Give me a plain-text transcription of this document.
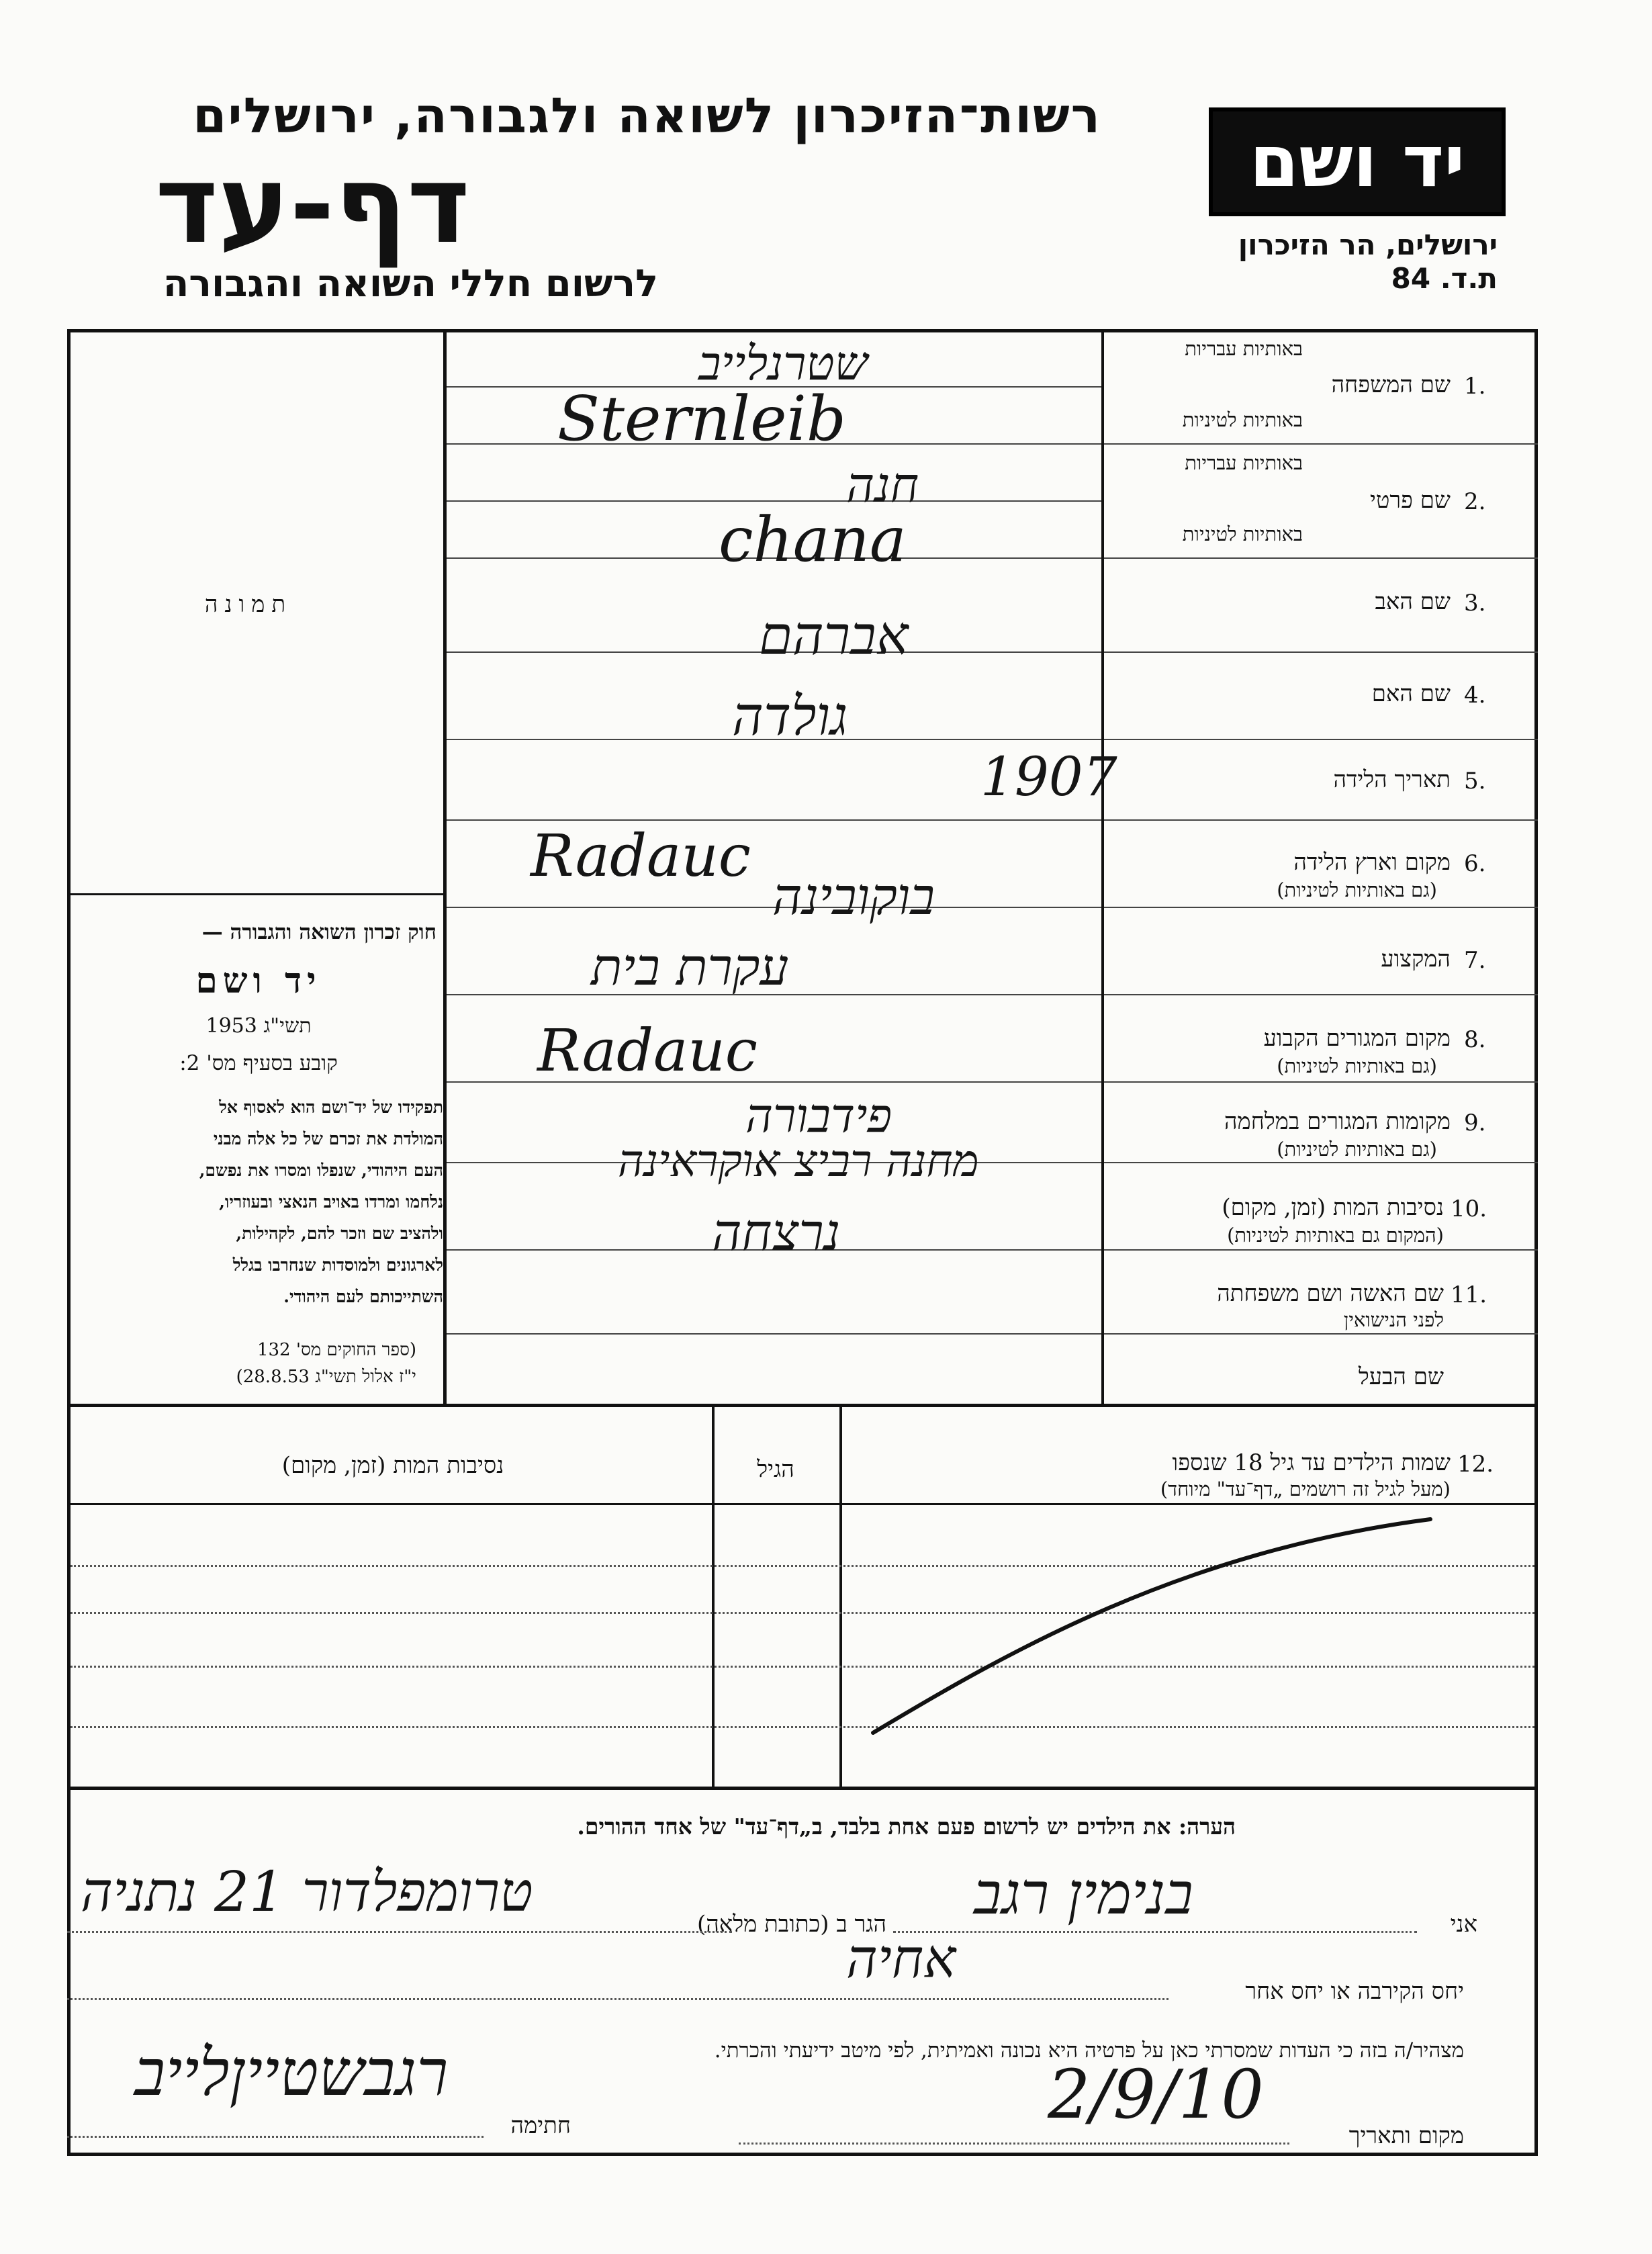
רשות־הזיכרון לשואה ולגבורה, ירושלים
דף-עד
לרשום חללי השואה והגבורה
יד ושם
ירושלים, הר הזיכרון
ת.ד. 84
תמונה
באותיות עבריות
1.
שם המשפחה
באותיות לטיניות
באותיות עבריות
2.
שם פרטי
באותיות לטיניות
3.
שם האב
4.
שם האם
5.
תאריך הלידה
6.
מקום וארץ הלידה
(גם באותיות לטיניות)
7.
המקצוע
8.
מקום המגורים הקבוע
(גם באותיות לטיניות)
9.
מקומות המגורים במלחמה
(גם באותיות לטיניות)
10.
נסיבות המות (זמן, מקום)
(המקום גם באותיות לטיניות)
11.
שם האשה ושם משפחתה
לפני הנישואין
שם הבעל
שטרנלייב
Sternleib
חנה
chana
אברהם
גולדה
1907
Radauc
בוקובינה
עקרת בית
Radauc
פידבורה
מחנה רביצ אוקראינה
נרצחה
חוק זכרון השואה והגבורה —
יד ושם
תשי"ג 1953
קובע בסעיף מס' 2:
תפקידו של יד־ושם הוא לאסוף אל
המולדת את זכרם של כל אלה מבני
העם היהודי, שנפלו ומסרו את נפשם,
נלחמו ומרדו באויב הנאצי ובעוזריו,
ולהציב שם וזכר להם, לקהילות,
לארגונים ולמוסדות שנחרבו בגלל
השתייכותם לעם היהודי.
(ספר החוקים מס' 132
י"ז אלול תשי"ג 28.8.53)
12.
שמות הילדים עד גיל 18 שנספו
(מעל לגיל זה רושמים „דף־עד" מיוחד)
הגיל
נסיבות המות (זמן, מקום)
הערה: את הילדים יש לרשום פעם אחת בלבד, ב„דף־עד" של אחד ההורים.
אני
בנימין רגב
הגר ב (כתובת מלאה)
טרומפלדור 21 נתניה
יחס הקירבה או יחס אחר
אחיה
מצהיר/ה בזה כי העדות שמסרתי כאן על פרטיה היא נכונה ואמיתית, לפי מיטב ידיעתי והכרתי.
מקום ותאריך
2/9/10
חתימה
רגבשטייןלייב
